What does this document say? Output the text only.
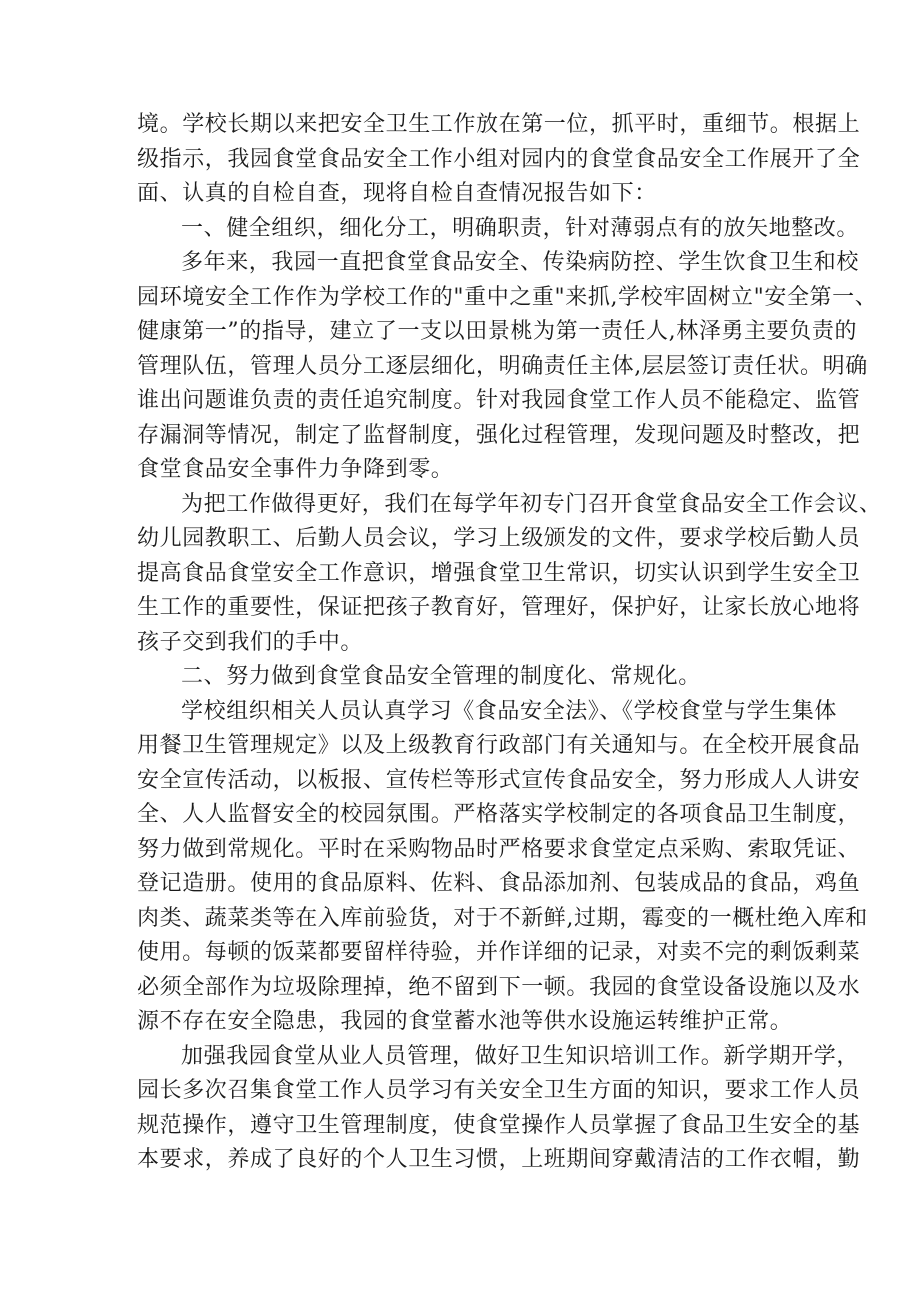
境。学校长期以来把安全卫生工作放在第一位，抓平时，重细节。根据上
级指示，我园食堂食品安全工作小组对园内的食堂食品安全工作展开了全
面、认真的自检自查，现将自检自查情况报告如下：
一、健全组织，细化分工，明确职责，针对薄弱点有的放矢地整改。
多年来，我园一直把食堂食品安全、传染病防控、学生饮食卫生和校
园环境安全工作作为学校工作的"重中之重"来抓,学校牢固树立"安全第一、
健康第一”的指导，建立了一支以田景桃为第一责任人,林泽勇主要负责的
管理队伍，管理人员分工逐层细化，明确责任主体,层层签订责任状。明确
谁出问题谁负责的责任追究制度。针对我园食堂工作人员不能稳定、监管
存漏洞等情况，制定了监督制度，强化过程管理，发现问题及时整改，把
食堂食品安全事件力争降到零。
为把工作做得更好，我们在每学年初专门召开食堂食品安全工作会议、
幼儿园教职工、后勤人员会议，学习上级颁发的文件，要求学校后勤人员
提高食品食堂安全工作意识，增强食堂卫生常识，切实认识到学生安全卫
生工作的重要性，保证把孩子教育好，管理好，保护好，让家长放心地将
孩子交到我们的手中。
二、努力做到食堂食品安全管理的制度化、常规化。
学校组织相关人员认真学习《食品安全法》、《学校食堂与学生集体
用餐卫生管理规定》以及上级教育行政部门有关通知与。在全校开展食品
安全宣传活动，以板报、宣传栏等形式宣传食品安全，努力形成人人讲安
全、人人监督安全的校园氛围。严格落实学校制定的各项食品卫生制度，
努力做到常规化。平时在采购物品时严格要求食堂定点采购、索取凭证、
登记造册。使用的食品原料、佐料、食品添加剂、包装成品的食品，鸡鱼
肉类、蔬菜类等在入库前验货，对于不新鲜,过期，霉变的一概杜绝入库和
使用。每顿的饭菜都要留样待验，并作详细的记录，对卖不完的剩饭剩菜
必须全部作为垃圾除理掉，绝不留到下一顿。我园的食堂设备设施以及水
源不存在安全隐患，我园的食堂蓄水池等供水设施运转维护正常。
加强我园食堂从业人员管理，做好卫生知识培训工作。新学期开学，
园长多次召集食堂工作人员学习有关安全卫生方面的知识，要求工作人员
规范操作，遵守卫生管理制度，使食堂操作人员掌握了食品卫生安全的基
本要求，养成了良好的个人卫生习惯，上班期间穿戴清洁的工作衣帽，勤
